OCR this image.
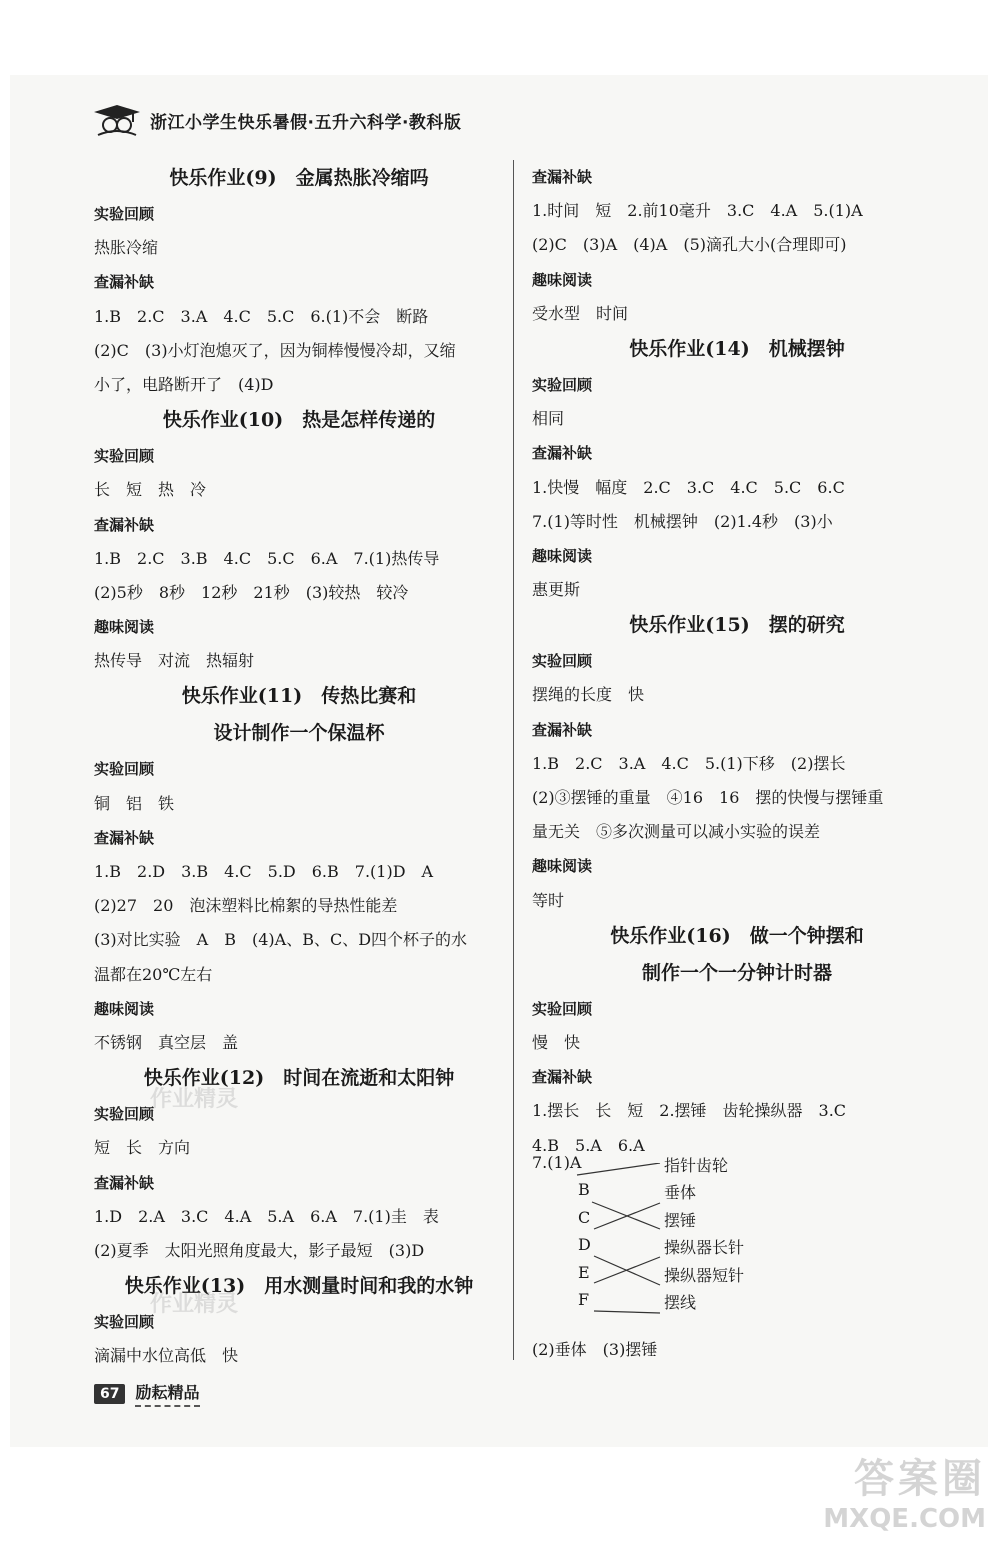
浙江小学生快乐暑假·五升六科学·教科版
快乐作业(9)　金属热胀冷缩吗
实验回顾
热胀冷缩
查漏补缺
1.B　2.C　3.A　4.C　5.C　6.(1)不会　断路
(2)C　(3)小灯泡熄灭了，因为铜棒慢慢冷却，又缩
小了，电路断开了　(4)D
快乐作业(10)　热是怎样传递的
实验回顾
长　短　热　冷
查漏补缺
1.B　2.C　3.B　4.C　5.C　6.A　7.(1)热传导
(2)5秒　8秒　12秒　21秒　(3)较热　较冷
趣味阅读
热传导　对流　热辐射
快乐作业(11)　传热比赛和
设计制作一个保温杯
实验回顾
铜　铝　铁
查漏补缺
1.B　2.D　3.B　4.C　5.D　6.B　7.(1)D　A
(2)27　20　泡沫塑料比棉絮的导热性能差
(3)对比实验　A　B　(4)A、B、C、D四个杯子的水
温都在20℃左右
趣味阅读
不锈钢　真空层　盖
快乐作业(12)　时间在流逝和太阳钟
实验回顾
短　长　方向
查漏补缺
1.D　2.A　3.C　4.A　5.A　6.A　7.(1)圭　表
(2)夏季　太阳光照角度最大，影子最短　(3)D
快乐作业(13)　用水测量时间和我的水钟
实验回顾
滴漏中水位高低　快
查漏补缺
1.时间　短　2.前10毫升　3.C　4.A　5.(1)A
(2)C　(3)A　(4)A　(5)滴孔大小(合理即可)
趣味阅读
受水型　时间
快乐作业(14)　机械摆钟
实验回顾
相同
查漏补缺
1.快慢　幅度　2.C　3.C　4.C　5.C　6.C
7.(1)等时性　机械摆钟　(2)1.4秒　(3)小
趣味阅读
惠更斯
快乐作业(15)　摆的研究
实验回顾
摆绳的长度　快
查漏补缺
1.B　2.C　3.A　4.C　5.(1)下移　(2)摆长
(2)③摆锤的重量　④16　16　摆的快慢与摆锤重
量无关　⑤多次测量可以减小实验的误差
趣味阅读
等时
快乐作业(16)　做一个钟摆和
制作一个一分钟计时器
实验回顾
慢　快
查漏补缺
1.摆长　长　短　2.摆锤　齿轮操纵器　3.C
4.B　5.A　6.A
7.(1)A
B
C
D
E
F
指针齿轮
垂体
摆锤
操纵器长针
操纵器短针
摆线
(2)垂体　(3)摆锤
67	励耘精品
作业精灵
作业精灵
答案圈
MXQE.COM
